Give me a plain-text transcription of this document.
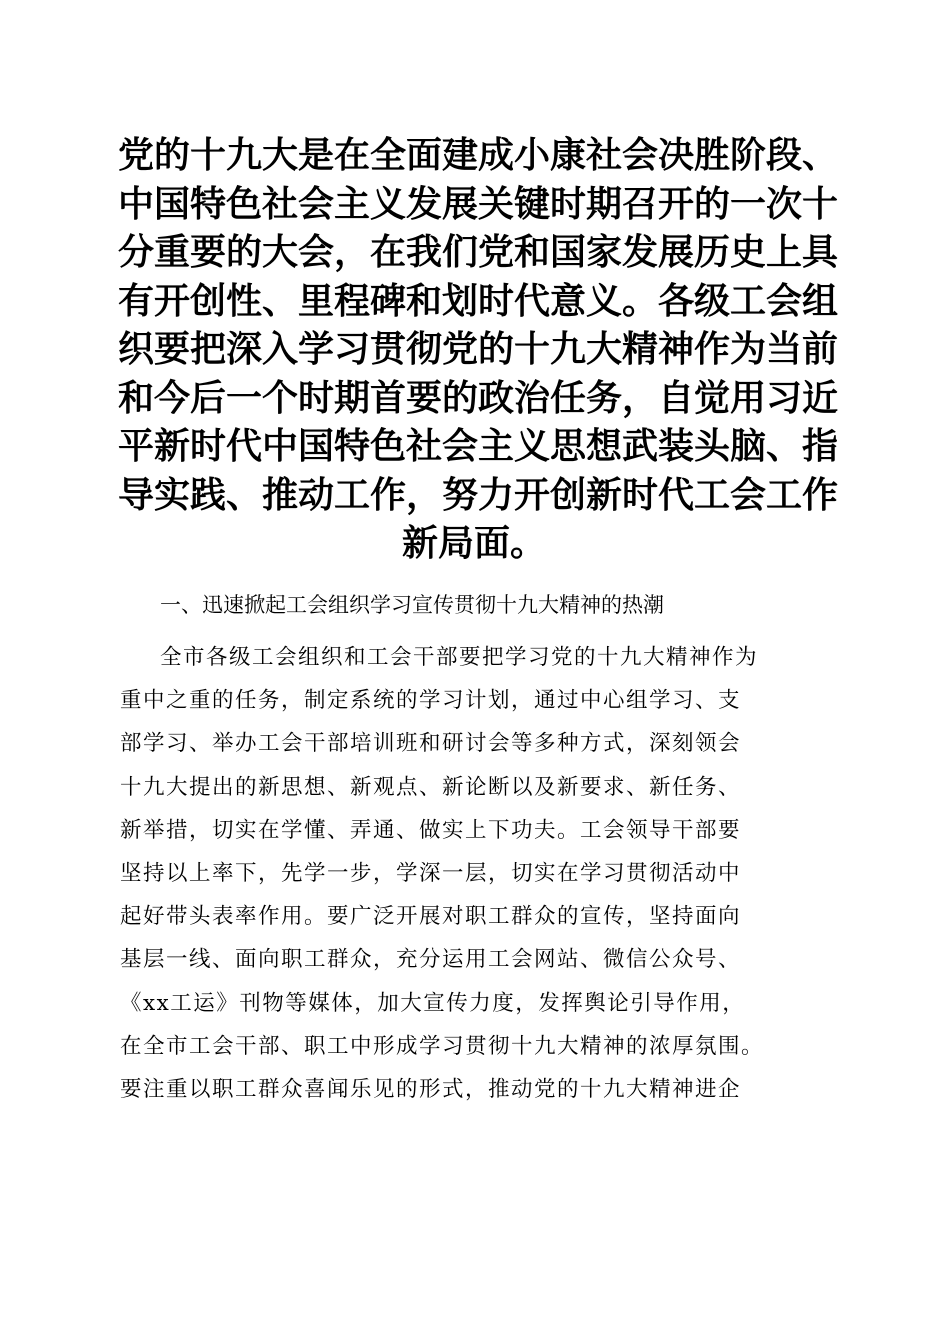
党的十九大是在全面建成小康社会决胜阶段、
中国特色社会主义发展关键时期召开的一次十
分重要的大会，在我们党和国家发展历史上具
有开创性、里程碑和划时代意义。各级工会组
织要把深入学习贯彻党的十九大精神作为当前
和今后一个时期首要的政治任务，自觉用习近
平新时代中国特色社会主义思想武装头脑、指
导实践、推动工作，努力开创新时代工会工作
新局面。
一、迅速掀起工会组织学习宣传贯彻十九大精神的热潮
全市各级工会组织和工会干部要把学习党的十九大精神作为
重中之重的任务，制定系统的学习计划，通过中心组学习、支
部学习、举办工会干部培训班和研讨会等多种方式，深刻领会
十九大提出的新思想、新观点、新论断以及新要求、新任务、
新举措，切实在学懂、弄通、做实上下功夫。工会领导干部要
坚持以上率下，先学一步，学深一层，切实在学习贯彻活动中
起好带头表率作用。要广泛开展对职工群众的宣传，坚持面向
基层一线、面向职工群众，充分运用工会网站、微信公众号、
《xx工运》刊物等媒体，加大宣传力度，发挥舆论引导作用，
在全市工会干部、职工中形成学习贯彻十九大精神的浓厚氛围。
要注重以职工群众喜闻乐见的形式，推动党的十九大精神进企
